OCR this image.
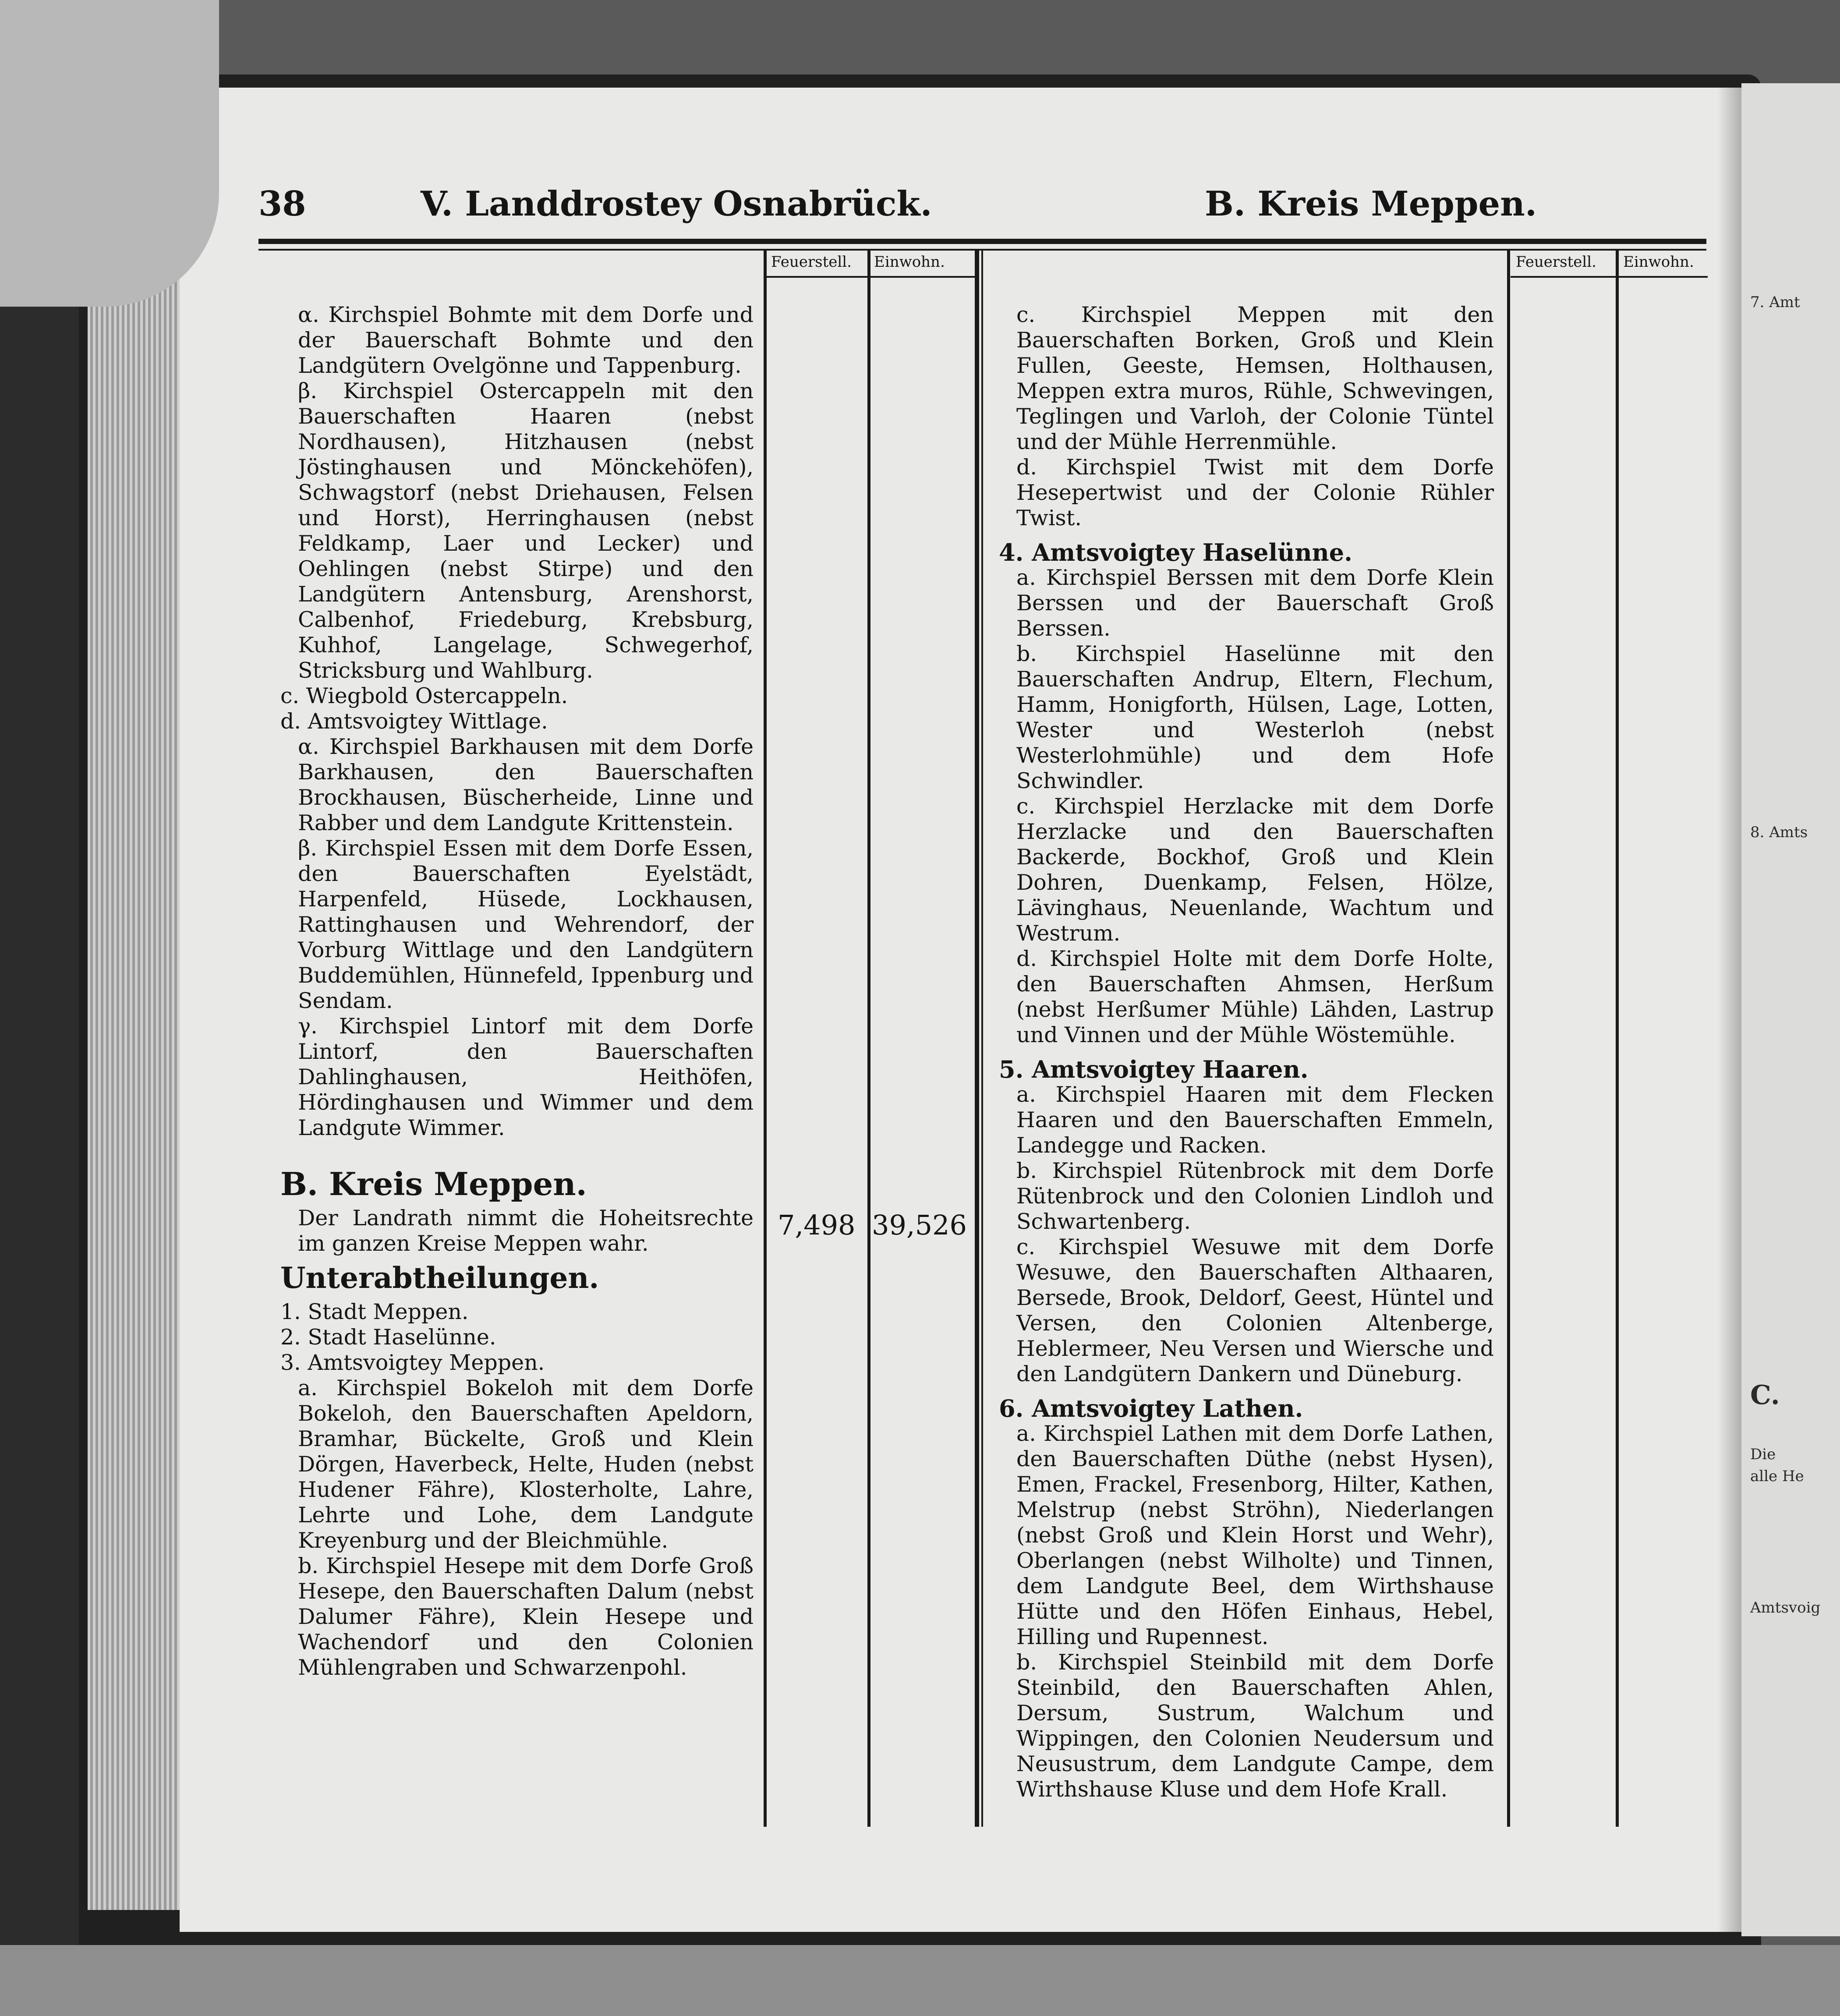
7. Amt
8. Amts
C.
Die
alle He
Amtsvoig
38	V. Landdrostey Osnabrück.	B. Kreis Meppen.
Feuerstell. Einwohn.	Feuerstell. Einwohn.

α. Kirchspiel Bohmte mit dem Dorfe und der Bauerschaft Bohmte und den Landgütern Ovelgönne und Tappenburg.

β. Kirchspiel Ostercappeln mit den Bauerschaften Haaren (nebst Nordhausen), Hitzhausen (nebst Jöstinghausen und Mönckehöfen), Schwagstorf (nebst Driehausen, Felsen und Horst), Herringhausen (nebst Feldkamp, Laer und Lecker) und Oehlingen (nebst Stirpe) und den Landgütern Antensburg, Arenshorst, Calbenhof, Friedeburg, Krebsburg, Kuhhof, Langelage, Schwegerhof, Stricksburg und Wahlburg.

c. Wiegbold Ostercappeln.

d. Amtsvoigtey Wittlage.

α. Kirchspiel Barkhausen mit dem Dorfe Barkhausen, den Bauerschaften Brockhausen, Büscherheide, Linne und Rabber und dem Landgute Krittenstein.

β. Kirchspiel Essen mit dem Dorfe Essen, den Bauerschaften Eyelstädt, Harpenfeld, Hüsede, Lockhausen, Rattinghausen und Wehrendorf, der Vorburg Wittlage und den Landgütern Buddemühlen, Hünnefeld, Ippenburg und Sendam.

γ. Kirchspiel Lintorf mit dem Dorfe Lintorf, den Bauerschaften Dahlinghausen, Heithöfen, Hördinghausen und Wimmer und dem Landgute Wimmer.

B. Kreis Meppen.

Der Landrath nimmt die Hoheitsrechte im ganzen Kreise Meppen wahr.

Unterabtheilungen.

1. Stadt Meppen.

2. Stadt Haselünne.

3. Amtsvoigtey Meppen.

a. Kirchspiel Bokeloh mit dem Dorfe Bokeloh, den Bauerschaften Apeldorn, Bramhar, Bückelte, Groß und Klein Dörgen, Haverbeck, Helte, Huden (nebst Hudener Fähre), Klosterholte, Lahre, Lehrte und Lohe, dem Landgute Kreyenburg und der Bleichmühle.

b. Kirchspiel Hesepe mit dem Dorfe Groß Hesepe, den Bauerschaften Dalum (nebst Dalumer Fähre), Klein Hesepe und Wachendorf und den Colonien Mühlengraben und Schwarzenpohl.

7,498 39,526

c. Kirchspiel Meppen mit den Bauerschaften Borken, Groß und Klein Fullen, Geeste, Hemsen, Holthausen, Meppen extra muros, Rühle, Schwevingen, Teglingen und Varloh, der Colonie Tüntel und der Mühle Herrenmühle.

d. Kirchspiel Twist mit dem Dorfe Hesepertwist und der Colonie Rühler Twist.

4. Amtsvoigtey Haselünne.

a. Kirchspiel Berssen mit dem Dorfe Klein Berssen und der Bauerschaft Groß Berssen.

b. Kirchspiel Haselünne mit den Bauerschaften Andrup, Eltern, Flechum, Hamm, Honigforth, Hülsen, Lage, Lotten, Wester und Westerloh (nebst Westerlohmühle) und dem Hofe Schwindler.

c. Kirchspiel Herzlacke mit dem Dorfe Herzlacke und den Bauerschaften Backerde, Bockhof, Groß und Klein Dohren, Duenkamp, Felsen, Hölze, Lävinghaus, Neuenlande, Wachtum und Westrum.

d. Kirchspiel Holte mit dem Dorfe Holte, den Bauerschaften Ahmsen, Herßum (nebst Herßumer Mühle) Lähden, Lastrup und Vinnen und der Mühle Wöstemühle.

5. Amtsvoigtey Haaren.

a. Kirchspiel Haaren mit dem Flecken Haaren und den Bauerschaften Emmeln, Landegge und Racken.

b. Kirchspiel Rütenbrock mit dem Dorfe Rütenbrock und den Colonien Lindloh und Schwartenberg.

c. Kirchspiel Wesuwe mit dem Dorfe Wesuwe, den Bauerschaften Althaaren, Bersede, Brook, Deldorf, Geest, Hüntel und Versen, den Colonien Altenberge, Heblermeer, Neu Versen und Wiersche und den Landgütern Dankern und Düneburg.

6. Amtsvoigtey Lathen.

a. Kirchspiel Lathen mit dem Dorfe Lathen, den Bauerschaften Düthe (nebst Hysen), Emen, Frackel, Fresenborg, Hilter, Kathen, Melstrup (nebst Ströhn), Niederlangen (nebst Groß und Klein Horst und Wehr), Oberlangen (nebst Wilholte) und Tinnen, dem Landgute Beel, dem Wirthshause Hütte und den Höfen Einhaus, Hebel, Hilling und Rupennest.

b. Kirchspiel Steinbild mit dem Dorfe Steinbild, den Bauerschaften Ahlen, Dersum, Sustrum, Walchum und Wippingen, den Colonien Neudersum und Neusustrum, dem Landgute Campe, dem Wirthshause Kluse und dem Hofe Krall.
